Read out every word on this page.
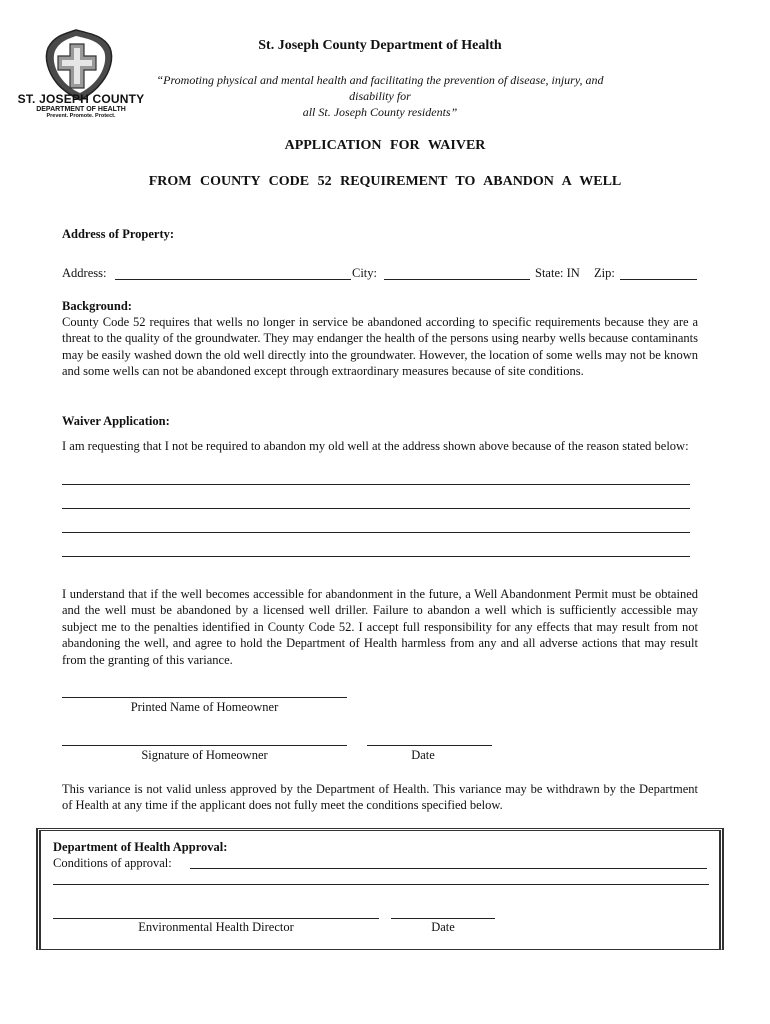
ST. JOSEPH COUNTY
DEPARTMENT OF HEALTH
Prevent. Promote. Protect.
St. Joseph County Department of Health
“Promoting physical and mental health and facilitating the prevention of disease, injury, and disability for
all St. Joseph County residents”
APPLICATION FOR WAIVER
FROM COUNTY CODE 52 REQUIREMENT TO ABANDON A WELL
Address of Property:
Address:	City:	State: IN Zip:
Background:
County Code 52 requires that wells no longer in service be abandoned according to specific requirements because they are a threat to the quality of the groundwater. They may endanger the health of the persons using nearby wells because contaminants may be easily washed down the old well directly into the groundwater. However, the location of some wells may not be known and some wells can not be abandoned except through extraordinary measures because of site conditions.
Waiver Application:
I am requesting that I not be required to abandon my old well at the address shown above because of the reason stated below:
I understand that if the well becomes accessible for abandonment in the future, a Well Abandonment Permit must be obtained and the well must be abandoned by a licensed well driller. Failure to abandon a well which is sufficiently accessible may subject me to the penalties identified in County Code 52. I accept full responsibility for any effects that may result from not abandoning the well, and agree to hold the Department of Health harmless from any and all adverse actions that may result from the granting of this variance.
Printed Name of Homeowner
Signature of Homeowner	Date
This variance is not valid unless approved by the Department of Health. This variance may be withdrawn by the Department of Health at any time if the applicant does not fully meet the conditions specified below.
Department of Health Approval:
Conditions of approval:
Environmental Health Director	Date
